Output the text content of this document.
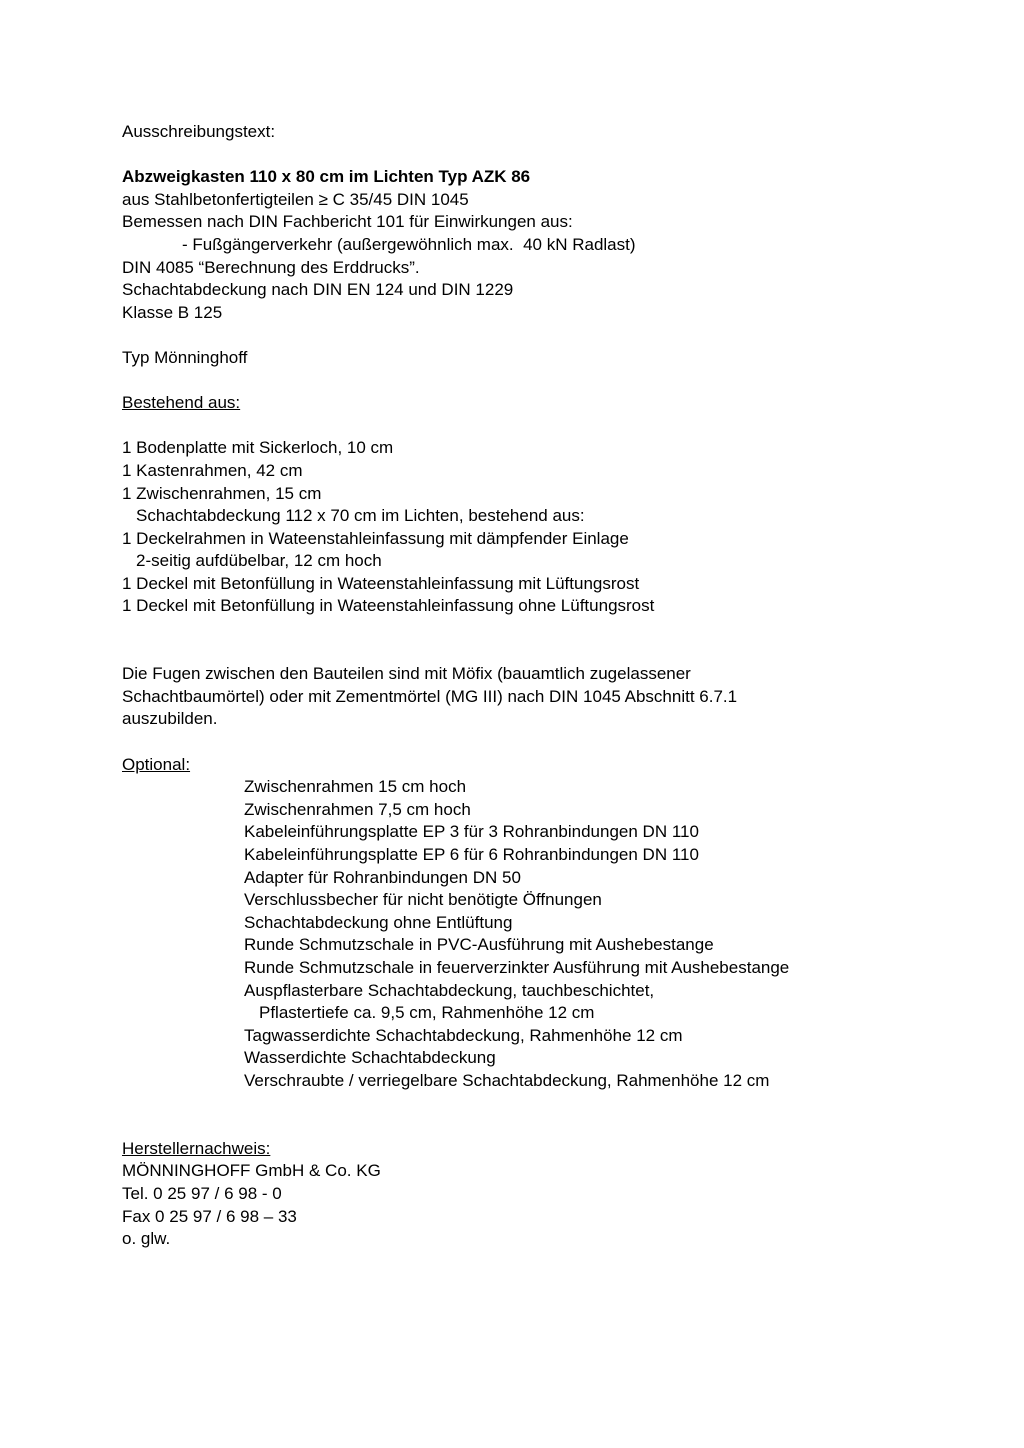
Ausschreibungstext:
Abzweigkasten 110 x 80 cm im Lichten Typ AZK 86
aus Stahlbetonfertigteilen ≥ C 35/45 DIN 1045
Bemessen nach DIN Fachbericht 101 für Einwirkungen aus:
- Fußgängerverkehr (außergewöhnlich max.  40 kN Radlast)
DIN 4085 “Berechnung des Erddrucks”.
Schachtabdeckung nach DIN EN 124 und DIN 1229
Klasse B 125
Typ Mönninghoff
Bestehend aus:
1 Bodenplatte mit Sickerloch, 10 cm
1 Kastenrahmen, 42 cm
1 Zwischenrahmen, 15 cm
Schachtabdeckung 112 x 70 cm im Lichten, bestehend aus:
1 Deckelrahmen in Wateenstahleinfassung mit dämpfender Einlage
2-seitig aufdübelbar, 12 cm hoch
1 Deckel mit Betonfüllung in Wateenstahleinfassung mit Lüftungsrost
1 Deckel mit Betonfüllung in Wateenstahleinfassung ohne Lüftungsrost
Die Fugen zwischen den Bauteilen sind mit Möfix (bauamtlich zugelassener
Schachtbaumörtel) oder mit Zementmörtel (MG III) nach DIN 1045 Abschnitt 6.7.1
auszubilden.
Optional:
Zwischenrahmen 15 cm hoch
Zwischenrahmen 7,5 cm hoch
Kabeleinführungsplatte EP 3 für 3 Rohranbindungen DN 110
Kabeleinführungsplatte EP 6 für 6 Rohranbindungen DN 110
Adapter für Rohranbindungen DN 50
Verschlussbecher für nicht benötigte Öffnungen
Schachtabdeckung ohne Entlüftung
Runde Schmutzschale in PVC-Ausführung mit Aushebestange
Runde Schmutzschale in feuerverzinkter Ausführung mit Aushebestange
Auspflasterbare Schachtabdeckung, tauchbeschichtet,
Pflastertiefe ca. 9,5 cm, Rahmenhöhe 12 cm
Tagwasserdichte Schachtabdeckung, Rahmenhöhe 12 cm
Wasserdichte Schachtabdeckung
Verschraubte / verriegelbare Schachtabdeckung, Rahmenhöhe 12 cm
Herstellernachweis:
MÖNNINGHOFF GmbH & Co. KG
Tel. 0 25 97 / 6 98 - 0
Fax 0 25 97 / 6 98 – 33
o. glw.
